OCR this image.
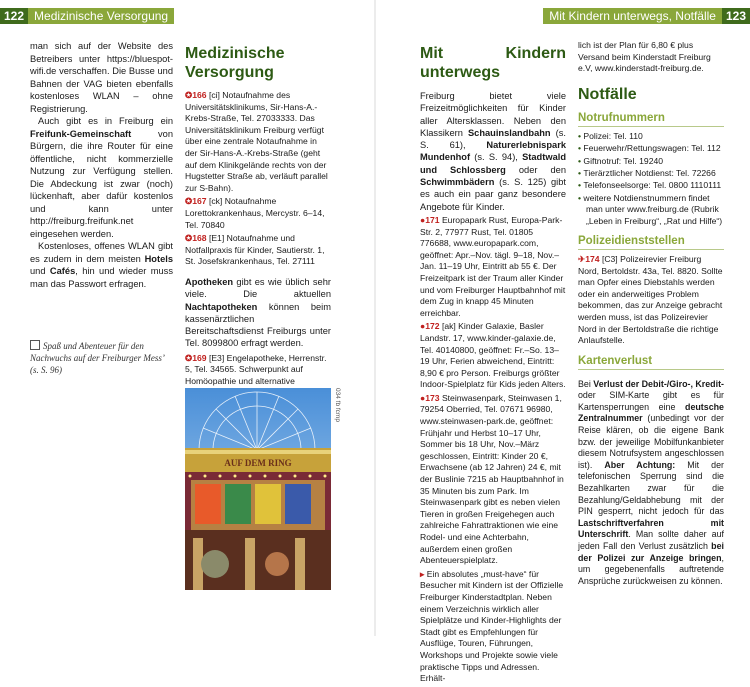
122 Medizinische Versorgung

man sich auf der Website des Betreibers unter https://bluespot-wifi.de verschaffen. Die Busse und Bahnen der VAG bieten ebenfalls kostenloses WLAN – ohne Registrierung.

Auch gibt es in Freiburg ein Freifunk-Gemeinschaft von Bürgern, die ihre Router für eine öffentliche, nicht kommerzielle Nutzung zur Verfügung stellen. Die Abdeckung ist zwar (noch) lückenhaft, aber dafür kostenlos und kann unter http://freiburg.freifunk.net eingesehen werden.

Kostenloses, offenes WLAN gibt es zudem in dem meisten Hotels und Cafés, hin und wieder muss man das Passwort erfragen.

Spaß und Abenteuer für den Nachwuchs auf der Freiburger Mess’ (s. S. 96)
Medizinische Versorgung
✪166 [ci] Notaufnahme des Universitätsklinikums, Sir-Hans-A.-Krebs-Straße, Tel. 27033333. Das Universitätsklinikum Freiburg verfügt über eine zentrale Notaufnahme in der Sir-Hans-A.-Krebs-Straße (geht auf dem Klinikgelände rechts von der Hugstetter Straße ab, verläuft parallel zur S-Bahn).
✪167 [ck] Notaufnahme Lorettokrankenhaus, Mercystr. 6–14, Tel. 70840
✪168 [E1] Notaufnahme und Notfallpraxis für Kinder, Sautierstr. 1, St. Josefskrankenhaus, Tel. 27111

Apotheken gibt es wie üblich sehr viele. Die aktuellen Nachtapotheken können beim kassenärztlichen Bereitschaftsdienst Freiburgs unter Tel. 8099800 erfragt werden.

✪169 [E3] Engelapotheke, Herrenstr. 5, Tel. 34565. Schwerpunkt auf Homöopathie und alternative
AUF DEM RING
034 fb fcmp
Mit Kindern unterwegs, Notfälle 123
Mit Kindern unterwegs

Freiburg bietet viele Freizeitmöglichkeiten für Kinder aller Altersklassen. Neben den Klassikern Schauinslandbahn (s. S. 61), Naturerlebnispark Mundenhof (s. S. 94), Stadtwald und Schlossberg oder den Schwimmbädern (s. S. 125) gibt es auch ein paar ganz besondere Angebote für Kinder.

●171 Europapark Rust, Europa-Park-Str. 2, 77977 Rust, Tel. 01805 776688, www.europapark.com, geöffnet: Apr.–Nov. tägl. 9–18, Nov.–Jan. 11–19 Uhr, Eintritt ab 55 €. Der Freizeitpark ist der Traum aller Kinder und vom Freiburger Hauptbahnhof mit dem Zug in knapp 45 Minuten erreichbar.
●172 [ak] Kinder Galaxie, Basler Landstr. 17, www.kinder-galaxie.de, Tel. 40140800, geöffnet: Fr.–So. 13–19 Uhr, Ferien abweichend, Eintritt: 8,90 € pro Person. Freiburgs größter Indoor-Spielplatz für Kids jeden Alters.
●173 Steinwasenpark, Steinwasen 1, 79254 Oberried, Tel. 07671 96980, www.steinwasen-park.de, geöffnet: Frühjahr und Herbst 10–17 Uhr, Sommer bis 18 Uhr, Nov.–März geschlossen, Eintritt: Kinder 20 €, Erwachsene (ab 12 Jahren) 24 €, mit der Buslinie 7215 ab Hauptbahnhof in 35 Minuten bis zum Park. Im Steinwasenpark gibt es neben vielen Tieren in großen Freigehegen auch zahlreiche Fahrattraktionen wie eine Rodel- und eine Achterbahn, außerdem einen großen Abenteuerspielplatz.
▸ Ein absolutes „must-have“ für Besucher mit Kindern ist der Offizielle Freiburger Kinderstadtplan. Neben einem Verzeichnis wirklich aller Spielplätze und Kinder-Highlights der Stadt gibt es Empfehlungen für Ausflüge, Touren, Führungen, Workshops und Projekte sowie viele praktische Tipps und Adressen. Erhält-
lich ist der Plan für 6,80 € plus Versand beim Kinderstadt Freiburg e.V, www.kinderstadt-freiburg.de.
Notfälle
Notrufnummern
• Polizei: Tel. 110
• Feuerwehr/Rettungswagen: Tel. 112
• Giftnotruf: Tel. 19240
• Tierärztlicher Notdienst: Tel. 72266
• Telefonseelsorge: Tel. 0800 1110111
• weitere Notdienstnummern findet man unter www.freiburg.de (Rubrik „Leben in Freiburg“, „Rat und Hilfe“)
Polizeidienststellen
✈174 [C3] Polizeirevier Freiburg Nord, Bertoldstr. 43a, Tel. 8820. Sollte man Opfer eines Diebstahls werden oder ein anderweitiges Problem bekommen, das zur Anzeige gebracht werden muss, ist das Polizeirevier Nord in der Bertoldstraße die richtige Anlaufstelle.
Kartenverlust

Bei Verlust der Debit-/Giro-, Kredit- oder SIM-Karte gibt es für Kartensperrungen eine deutsche Zentralnummer (unbedingt vor der Reise klären, ob die eigene Bank bzw. der jeweilige Mobilfunkanbieter diesem Notrufsystem angeschlossen ist). Aber Achtung: Mit der telefonischen Sperrung sind die Bezahlkarten zwar für die Bezahlung/Geldabhebung mit der PIN gesperrt, nicht jedoch für das Lastschriftverfahren mit Unterschrift. Man sollte daher auf jeden Fall den Verlust zusätzlich bei der Polizei zur Anzeige bringen, um gegebenenfalls auftretende Ansprüche zurückweisen zu können.
